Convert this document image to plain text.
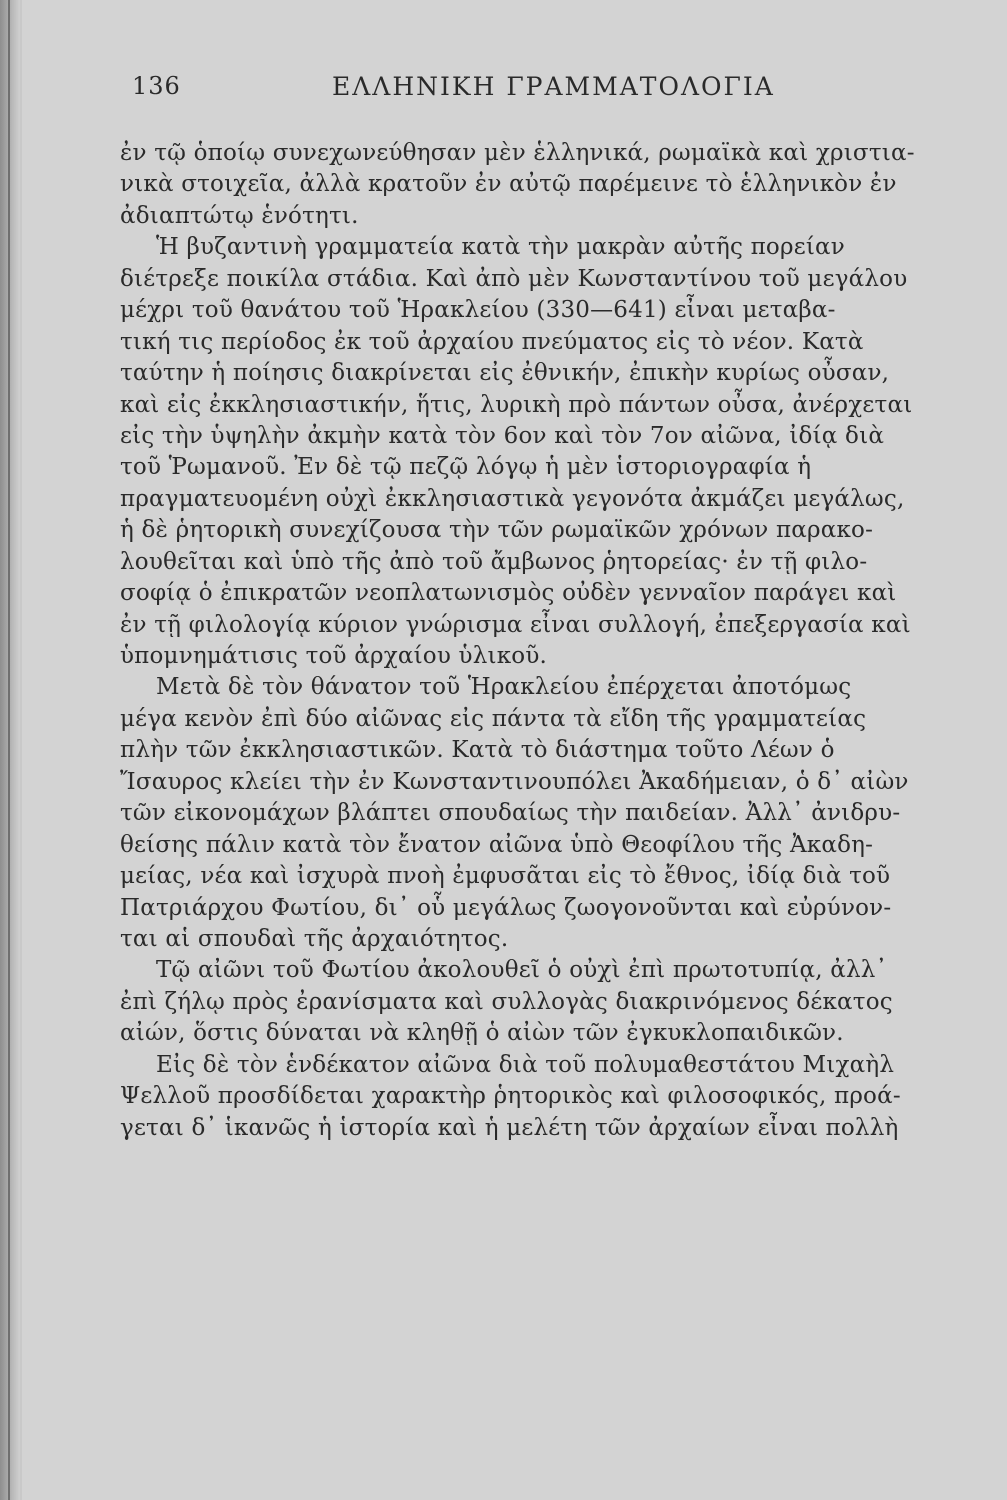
136	ΕΛΛΗΝΙΚΗ ΓΡΑΜΜΑΤΟΛΟΓΙΑ
ἐν τῷ ὁποίῳ συνεχωνεύθησαν μὲν ἑλληνικά, ρωμαϊκὰ καὶ χριστια-
νικὰ στοιχεῖα, ἀλλὰ κρατοῦν ἐν αὐτῷ παρέμεινε τὸ ἑλληνικὸν ἐν
ἀδιαπτώτῳ ἑνότητι.
Ἡ βυζαντινὴ γραμματεία κατὰ τὴν μακρὰν αὐτῆς πορείαν
διέτρεξε ποικίλα στάδια. Καὶ ἀπὸ μὲν Κωνσταντίνου τοῦ μεγάλου
μέχρι τοῦ θανάτου τοῦ Ἡρακλείου (330—641) εἶναι μεταβα-
τική τις περίοδος ἐκ τοῦ ἀρχαίου πνεύματος εἰς τὸ νέον. Κατὰ
ταύτην ἡ ποίησις διακρίνεται εἰς ἐθνικήν, ἐπικὴν κυρίως οὖσαν,
καὶ εἰς ἐκκλησιαστικήν, ἥτις, λυρικὴ πρὸ πάντων οὖσα, ἀνέρχεται
εἰς τὴν ὑψηλὴν ἀκμὴν κατὰ τὸν 6ον καὶ τὸν 7ον αἰῶνα, ἰδίᾳ διὰ
τοῦ Ῥωμανοῦ. Ἐν δὲ τῷ πεζῷ λόγῳ ἡ μὲν ἱστοριογραφία ἡ
πραγματευομένη οὐχὶ ἐκκλησιαστικὰ γεγονότα ἀκμάζει μεγάλως,
ἡ δὲ ῥητορικὴ συνεχίζουσα τὴν τῶν ρωμαϊκῶν χρόνων παρακο-
λουθεῖται καὶ ὑπὸ τῆς ἀπὸ τοῦ ἄμβωνος ῥητορείας· ἐν τῇ φιλο-
σοφίᾳ ὁ ἐπικρατῶν νεοπλατωνισμὸς οὐδὲν γενναῖον παράγει καὶ
ἐν τῇ φιλολογίᾳ κύριον γνώρισμα εἶναι συλλογή, ἐπεξεργασία καὶ
ὑπομνημάτισις τοῦ ἀρχαίου ὑλικοῦ.
Μετὰ δὲ τὸν θάνατον τοῦ Ἡρακλείου ἐπέρχεται ἀποτόμως
μέγα κενὸν ἐπὶ δύο αἰῶνας εἰς πάντα τὰ εἴδη τῆς γραμματείας
πλὴν τῶν ἐκκλησιαστικῶν. Κατὰ τὸ διάστημα τοῦτο Λέων ὁ
Ἴσαυρος κλείει τὴν ἐν Κωνσταντινουπόλει Ἀκαδήμειαν, ὁ δ᾽ αἰὼν
τῶν εἰκονομάχων βλάπτει σπουδαίως τὴν παιδείαν. Ἀλλ᾽ ἀνιδρυ-
θείσης πάλιν κατὰ τὸν ἔνατον αἰῶνα ὑπὸ Θεοφίλου τῆς Ἀκαδη-
μείας, νέα καὶ ἰσχυρὰ πνοὴ ἐμφυσᾶται εἰς τὸ ἔθνος, ἰδίᾳ διὰ τοῦ
Πατριάρχου Φωτίου, δι᾽ οὗ μεγάλως ζωογονοῦνται καὶ εὐρύνον-
ται αἱ σπουδαὶ τῆς ἀρχαιότητος.
Τῷ αἰῶνι τοῦ Φωτίου ἀκολουθεῖ ὁ οὐχὶ ἐπὶ πρωτοτυπίᾳ, ἀλλ᾽
ἐπὶ ζήλῳ πρὸς ἐρανίσματα καὶ συλλογὰς διακρινόμενος δέκατος
αἰών, ὅστις δύναται νὰ κληθῇ ὁ αἰὼν τῶν ἐγκυκλοπαιδικῶν.
Εἰς δὲ τὸν ἑνδέκατον αἰῶνα διὰ τοῦ πολυμαθεστάτου Μιχαὴλ
Ψελλοῦ προσδίδεται χαρακτὴρ ῥητορικὸς καὶ φιλοσοφικός, προά-
γεται δ᾽ ἱκανῶς ἡ ἱστορία καὶ ἡ μελέτη τῶν ἀρχαίων εἶναι πολλὴ
